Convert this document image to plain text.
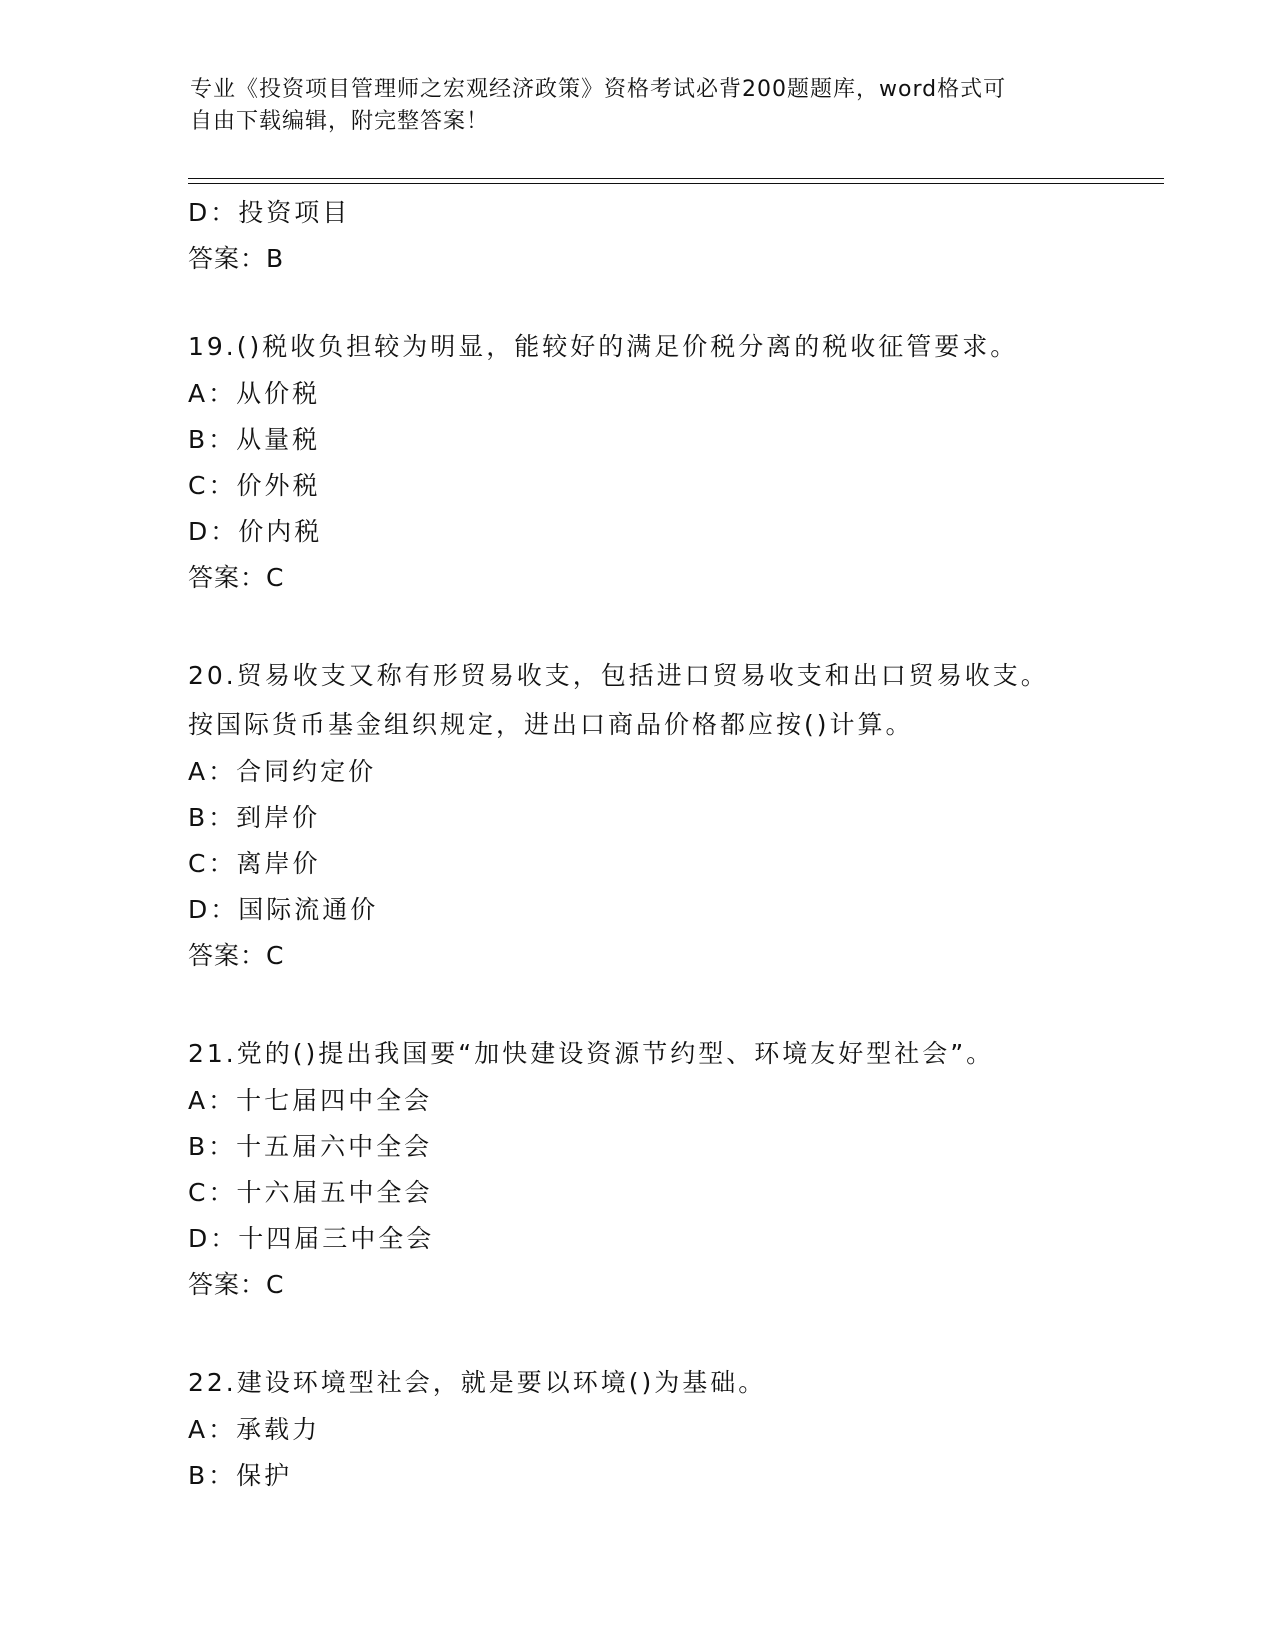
专业《投资项目管理师之宏观经济政策》资格考试必背200题题库，word格式可
自由下载编辑，附完整答案！
D：投资项目
答案：B
19.()税收负担较为明显，能较好的满足价税分离的税收征管要求。
A：从价税
B：从量税
C：价外税
D：价内税
答案：C
20.贸易收支又称有形贸易收支，包括进口贸易收支和出口贸易收支。
按国际货币基金组织规定，进出口商品价格都应按()计算。
A：合同约定价
B：到岸价
C：离岸价
D：国际流通价
答案：C
21.党的()提出我国要“加快建设资源节约型、环境友好型社会”。
A：十七届四中全会
B：十五届六中全会
C：十六届五中全会
D：十四届三中全会
答案：C
22.建设环境型社会，就是要以环境()为基础。
A：承载力
B：保护
